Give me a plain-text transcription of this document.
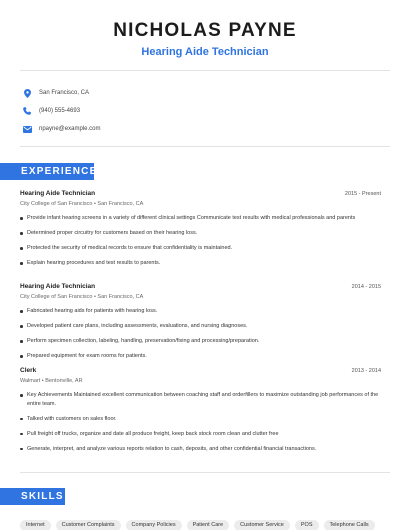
NICHOLAS PAYNE
Hearing Aide Technician
San Francisco, CA
(940) 555-4693
npayne@example.com
EXPERIENCE
Hearing Aide Technician	2015 - Present
City College of San Francisco • San Francisco, CA
Provide infant hearing screens in a variety of different clinical settings Communicate test results with medical professionals and parents
Determined proper circuitry for customers based on their hearing loss.
Protected the security of medical records to ensure that confidentiality is maintained.
Explain hearing procedures and test results to parents.
Hearing Aide Technician	2014 - 2015
City College of San Francisco • San Francisco, CA
Fabricated hearing aids for patients with hearing loss.
Developed patient care plans, including assessments, evaluations, and nursing diagnoses.
Perform specimen collection, labeling, handling, preservation/fixing and processing/preparation.
Prepared equipment for exam rooms for patients.
Clerk	2013 - 2014
Walmart • Bentonville, AR
Key Achievements Maintained excellent communication between coaching staff and orderfillers to maximize outstanding job performances of the entire team.
Talked with customers on sales floor.
Pull freight off trucks, organize and date all produce freight, keep back stock room clean and clutter free
Generate, interpret, and analyze various reports relation to cash, deposits, and other confidential financial transactions.
SKILLS
Internet	Customer Complaints	Company Policies	Patient Care	Customer Service	POS	Telephone Calls
